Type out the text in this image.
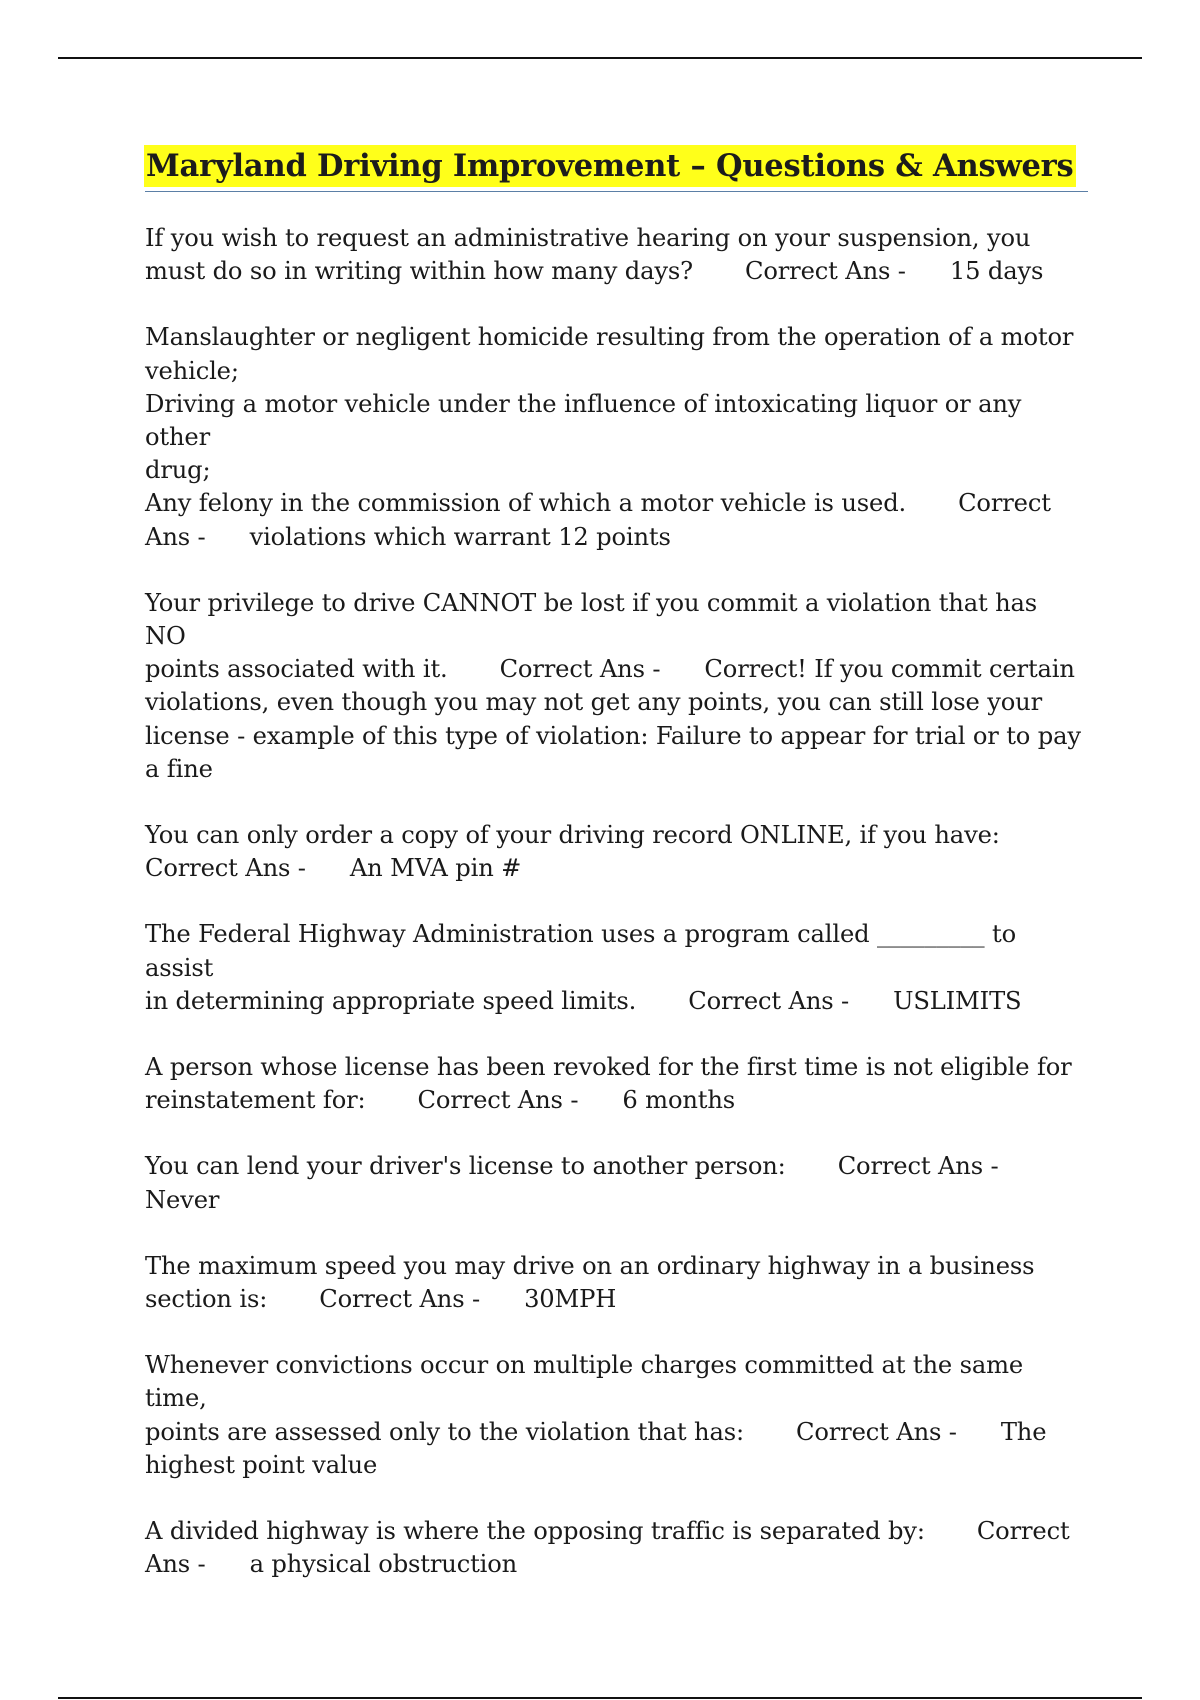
Maryland Driving Improvement – Questions & Answers
If you wish to request an administrative hearing on your suspension, you
must do so in writing within how many days? Correct Ans - 15 days
Manslaughter or negligent homicide resulting from the operation of a motor
vehicle;
Driving a motor vehicle under the influence of intoxicating liquor or any other
drug;
Any felony in the commission of which a motor vehicle is used. Correct Ans - violations which warrant 12 points
Your privilege to drive CANNOT be lost if you commit a violation that has NO
points associated with it. Correct Ans - Correct! If you commit certain violations, even though you may not get any points, you can still lose your license - example of this type of violation: Failure to appear for trial or to pay a fine
You can only order a copy of your driving record ONLINE, if you have:Correct Ans - An MVA pin #
The Federal Highway Administration uses a program called _________ to assist
in determining appropriate speed limits. Correct Ans - USLIMITS
A person whose license has been revoked for the first time is not eligible for
reinstatement for: Correct Ans - 6 months
You can lend your driver's license to another person: Correct Ans -Never
The maximum speed you may drive on an ordinary highway in a business
section is: Correct Ans - 30MPH
Whenever convictions occur on multiple charges committed at the same time,
points are assessed only to the violation that has: Correct Ans - The highest point value
A divided highway is where the opposing traffic is separated by: Correct Ans - a physical obstruction
